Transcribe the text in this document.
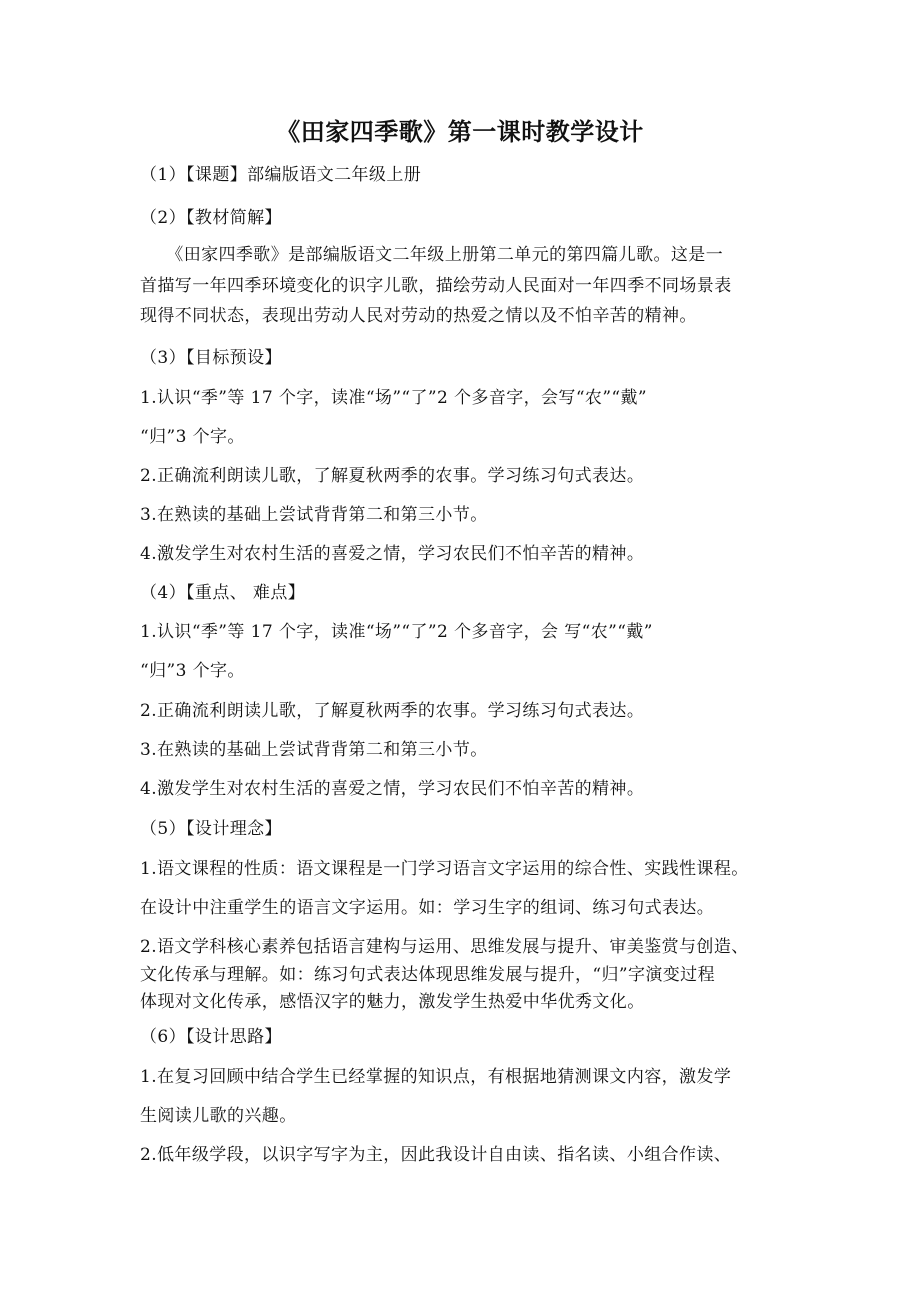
《田家四季歌》第一课时教学设计
（1）【课题】部编版语文二年级上册
（2）【教材简解】
　　《田家四季歌》是部编版语文二年级上册第二单元的第四篇儿歌。这是一
首描写一年四季环境变化的识字儿歌，描绘劳动人民面对一年四季不同场景表
现得不同状态，表现出劳动人民对劳动的热爱之情以及不怕辛苦的精神。
（3）【目标预设】
1.认识“季”等 17 个字，读准“场”“了”2 个多音字，会写“农”“戴”
“归”3 个字。
2.正确流利朗读儿歌，了解夏秋两季的农事。学习练习句式表达。
3.在熟读的基础上尝试背背第二和第三小节。
4.激发学生对农村生活的喜爱之情，学习农民们不怕辛苦的精神。
（4）【重点、 难点】
1.认识“季”等 17 个字，读准“场”“了”2 个多音字，会 写“农”“戴”
“归”3 个字。
2.正确流利朗读儿歌，了解夏秋两季的农事。学习练习句式表达。
3.在熟读的基础上尝试背背第二和第三小节。
4.激发学生对农村生活的喜爱之情，学习农民们不怕辛苦的精神。
（5）【设计理念】
1.语文课程的性质：语文课程是一门学习语言文字运用的综合性、实践性课程。
在设计中注重学生的语言文字运用。如：学习生字的组词、练习句式表达。
2.语文学科核心素养包括语言建构与运用、思维发展与提升、审美鉴赏与创造、
文化传承与理解。如：练习句式表达体现思维发展与提升，“归”字演变过程
体现对文化传承，感悟汉字的魅力，激发学生热爱中华优秀文化。
（6）【设计思路】
1.在复习回顾中结合学生已经掌握的知识点，有根据地猜测课文内容，激发学
生阅读儿歌的兴趣。
2.低年级学段，以识字写字为主，因此我设计自由读、指名读、小组合作读、
